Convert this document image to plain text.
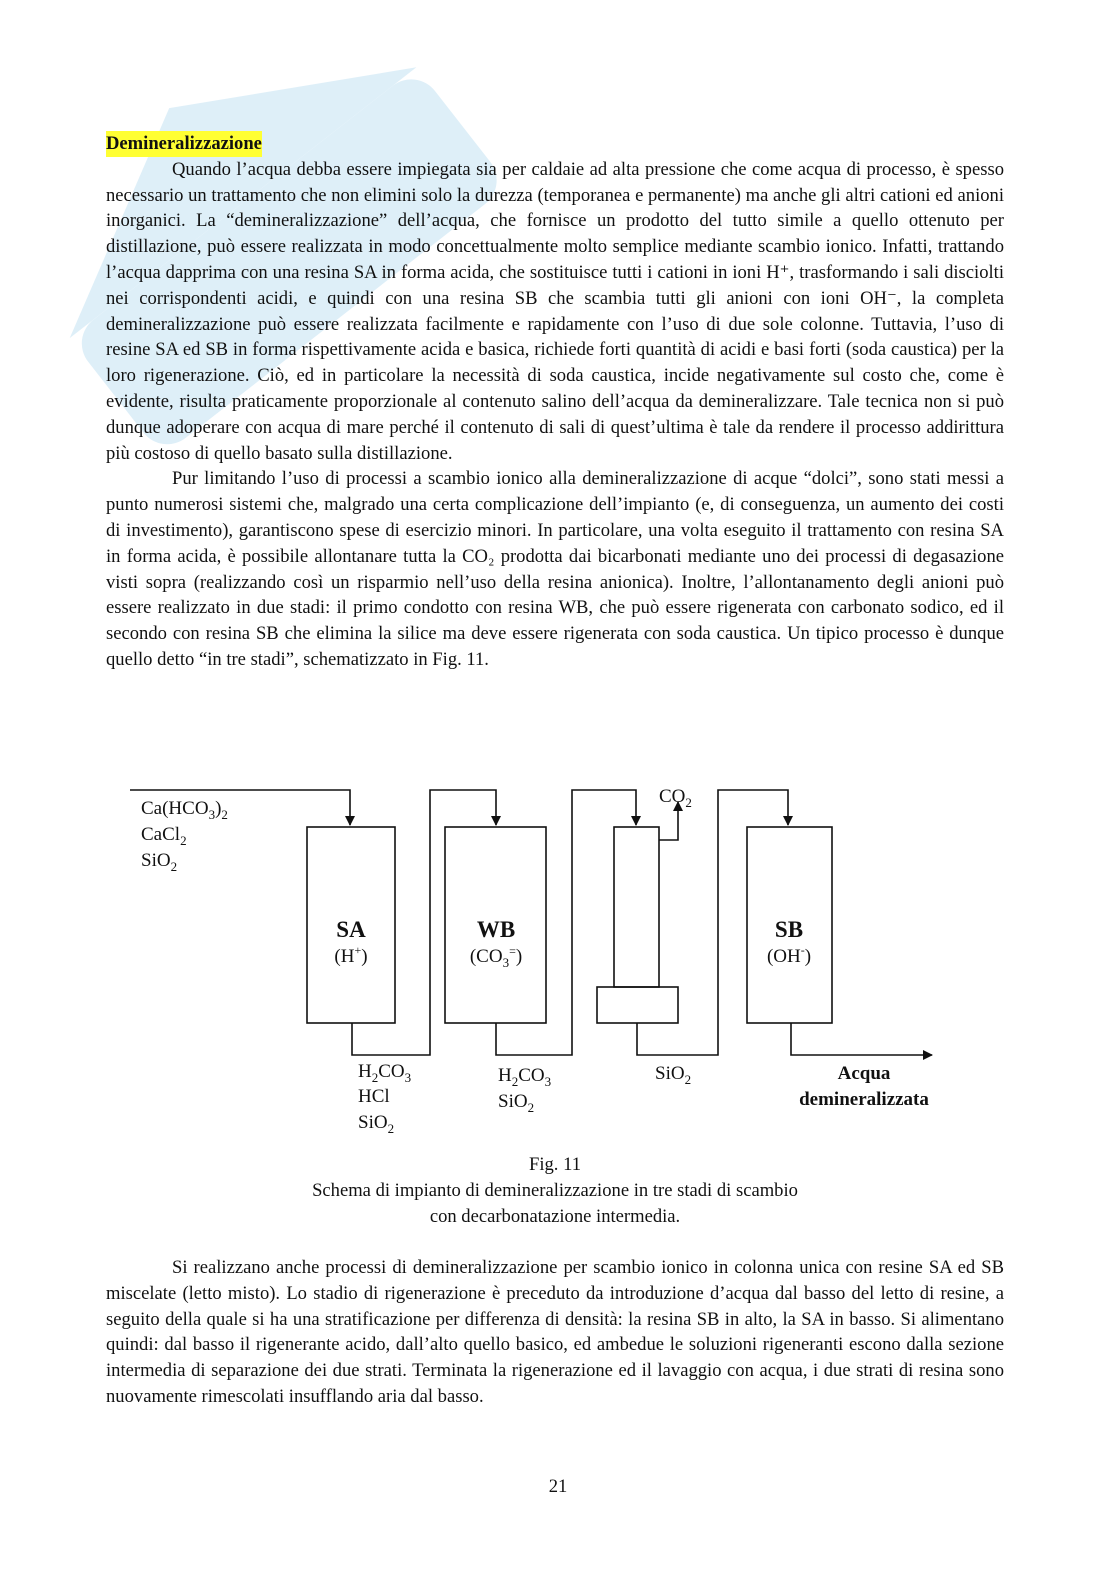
Demineralizzazione

Quando l’acqua debba essere impiegata sia per caldaie ad alta pressione che come acqua di processo, è spesso necessario un trattamento che non elimini solo la durezza (temporanea e permanente) ma anche gli altri cationi ed anioni inorganici. La “demineralizzazione” dell’acqua, che fornisce un prodotto del tutto simile a quello ottenuto per distillazione, può essere realizzata in modo concettualmente molto semplice mediante scambio ionico. Infatti, trattando l’acqua dapprima con una resina SA in forma acida, che sostituisce tutti i cationi in ioni H⁺, trasformando i sali disciolti nei corrispondenti acidi, e quindi con una resina SB che scambia tutti gli anioni con ioni OH⁻, la completa demineralizzazione può essere realizzata facilmente e rapidamente con l’uso di due sole colonne. Tuttavia, l’uso di resine SA ed SB in forma rispettivamente acida e basica, richiede forti quantità di acidi e basi forti (soda caustica) per la loro rigenerazione. Ciò, ed in particolare la necessità di soda caustica, incide negativamente sul costo che, come è evidente, risulta praticamente proporzionale al contenuto salino dell’acqua da demineralizzare. Tale tecnica non si può dunque adoperare con acqua di mare perché il contenuto di sali di quest’ultima è tale da rendere il processo addirittura più costoso di quello basato sulla distillazione.

Pur limitando l’uso di processi a scambio ionico alla demineralizzazione di acque “dolci”, sono stati messi a punto numerosi sistemi che, malgrado una certa complicazione dell’impianto (e, di conseguenza, un aumento dei costi di investimento), garantiscono spese di esercizio minori. In particolare, una volta eseguito il trattamento con resina SA in forma acida, è possibile allontanare tutta la CO₂ prodotta dai bicarbonati mediante uno dei processi di degasazione visti sopra (realizzando così un risparmio nell’uso della resina anionica). Inoltre, l’allontanamento degli anioni può essere realizzato in due stadi: il primo condotto con resina WB, che può essere rigenerata con carbonato sodico, ed il secondo con resina SB che elimina la silice ma deve essere rigenerata con soda caustica. Un tipico processo è dunque quello detto “in tre stadi”, schematizzato in Fig. 11.

$Ca(HCO_3)_2$
CaCl$_2$
SiO$_2$
SA
(H+)
WB
$(CO_3^=)$
SB
(OH-)
$CO_2$
$H_2CO_3$
HCl
SiO$_2$
$H_2CO_3$
SiO$_2$
SiO$_2$	Acqua
demineralizzata
Fig. 11
Schema di impianto di demineralizzazione in tre stadi di scambio
con decarbonatazione intermedia.

Si realizzano anche processi di demineralizzazione per scambio ionico in colonna unica con resine SA ed SB miscelate (letto misto). Lo stadio di rigenerazione è preceduto da introduzione d’acqua dal basso del letto di resine, a seguito della quale si ha una stratificazione per differenza di densità: la resina SB in alto, la SA in basso. Si alimentano quindi: dal basso il rigenerante acido, dall’alto quello basico, ed ambedue le soluzioni rigeneranti escono dalla sezione intermedia di separazione dei due strati. Terminata la rigenerazione ed il lavaggio con acqua, i due strati di resina sono nuovamente rimescolati insufflando aria dal basso.

21
